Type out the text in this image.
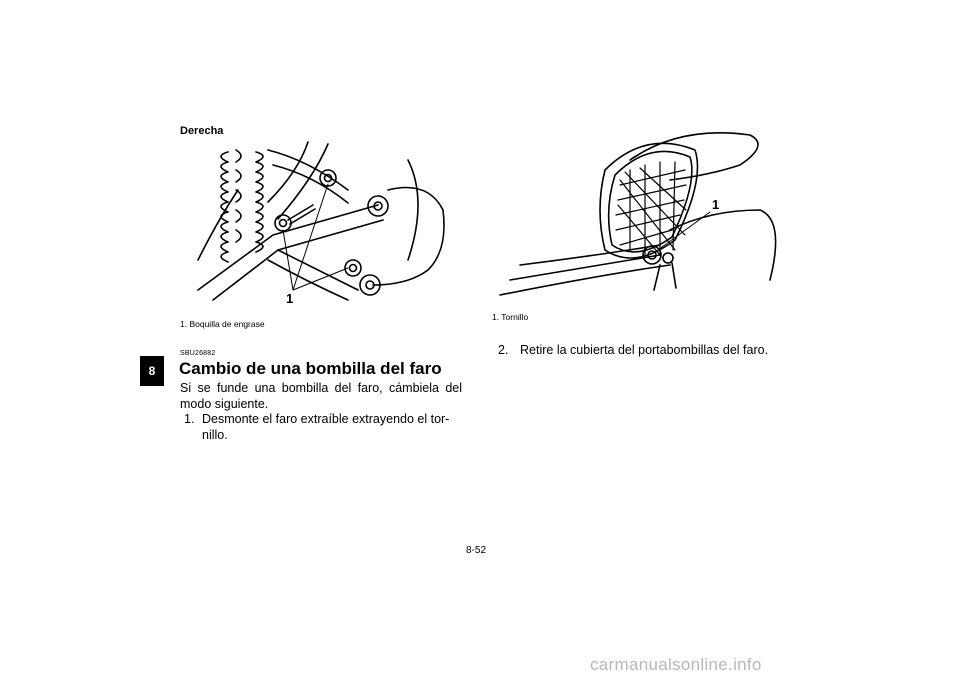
8
Derecha
1
1. Boquilla de engrase
SBU26882
Cambio de una bombilla del faro
Si se funde una bombilla del faro, cámbiela del modo siguiente.
1. Desmonte el faro extraíble extrayendo el tor-nillo.
1
1. Tornillo
2. Retire la cubierta del portabombillas del faro.
8-52
carmanualsonline.info
